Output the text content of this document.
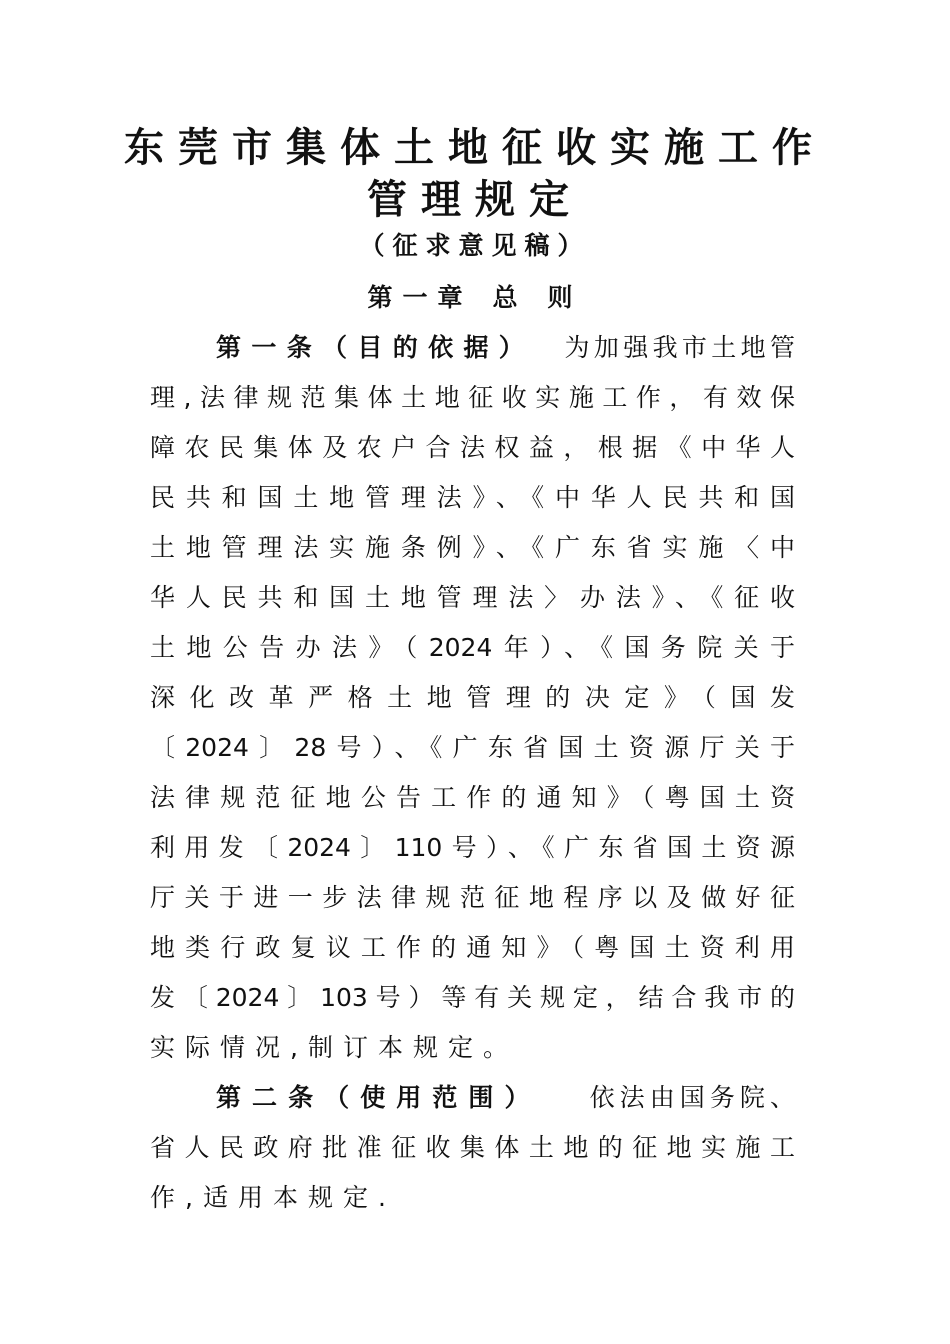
东莞市集体土地征收实施工作
管理规定
（征求意见稿）
第一章 总 则
第一条（目的依据） 为加强我市土地管
理,法律规范集体土地征收实施工作，有效保
障农民集体及农户合法权益，根据《中华人
民共和国土地管理法》、《中华人民共和国
土地管理法实施条例》、《广东省实施〈中
华人民共和国土地管理法〉办法》、《征收
土地公告办法》（2024年）、《国务院关于
深化改革严格土地管理的决定》（国发
〔2024〕28号）、《广东省国土资源厅关于
法律规范征地公告工作的通知》（粤国土资
利用发〔2024〕110号）、《广东省国土资源
厅关于进一步法律规范征地程序以及做好征
地类行政复议工作的通知》（粤国土资利用
发〔2024〕103号）等有关规定，结合我市的
实际情况,制订本规定。
第二条（使用范围） 依法由国务院、
省人民政府批准征收集体土地的征地实施工
作,适用本规定.
